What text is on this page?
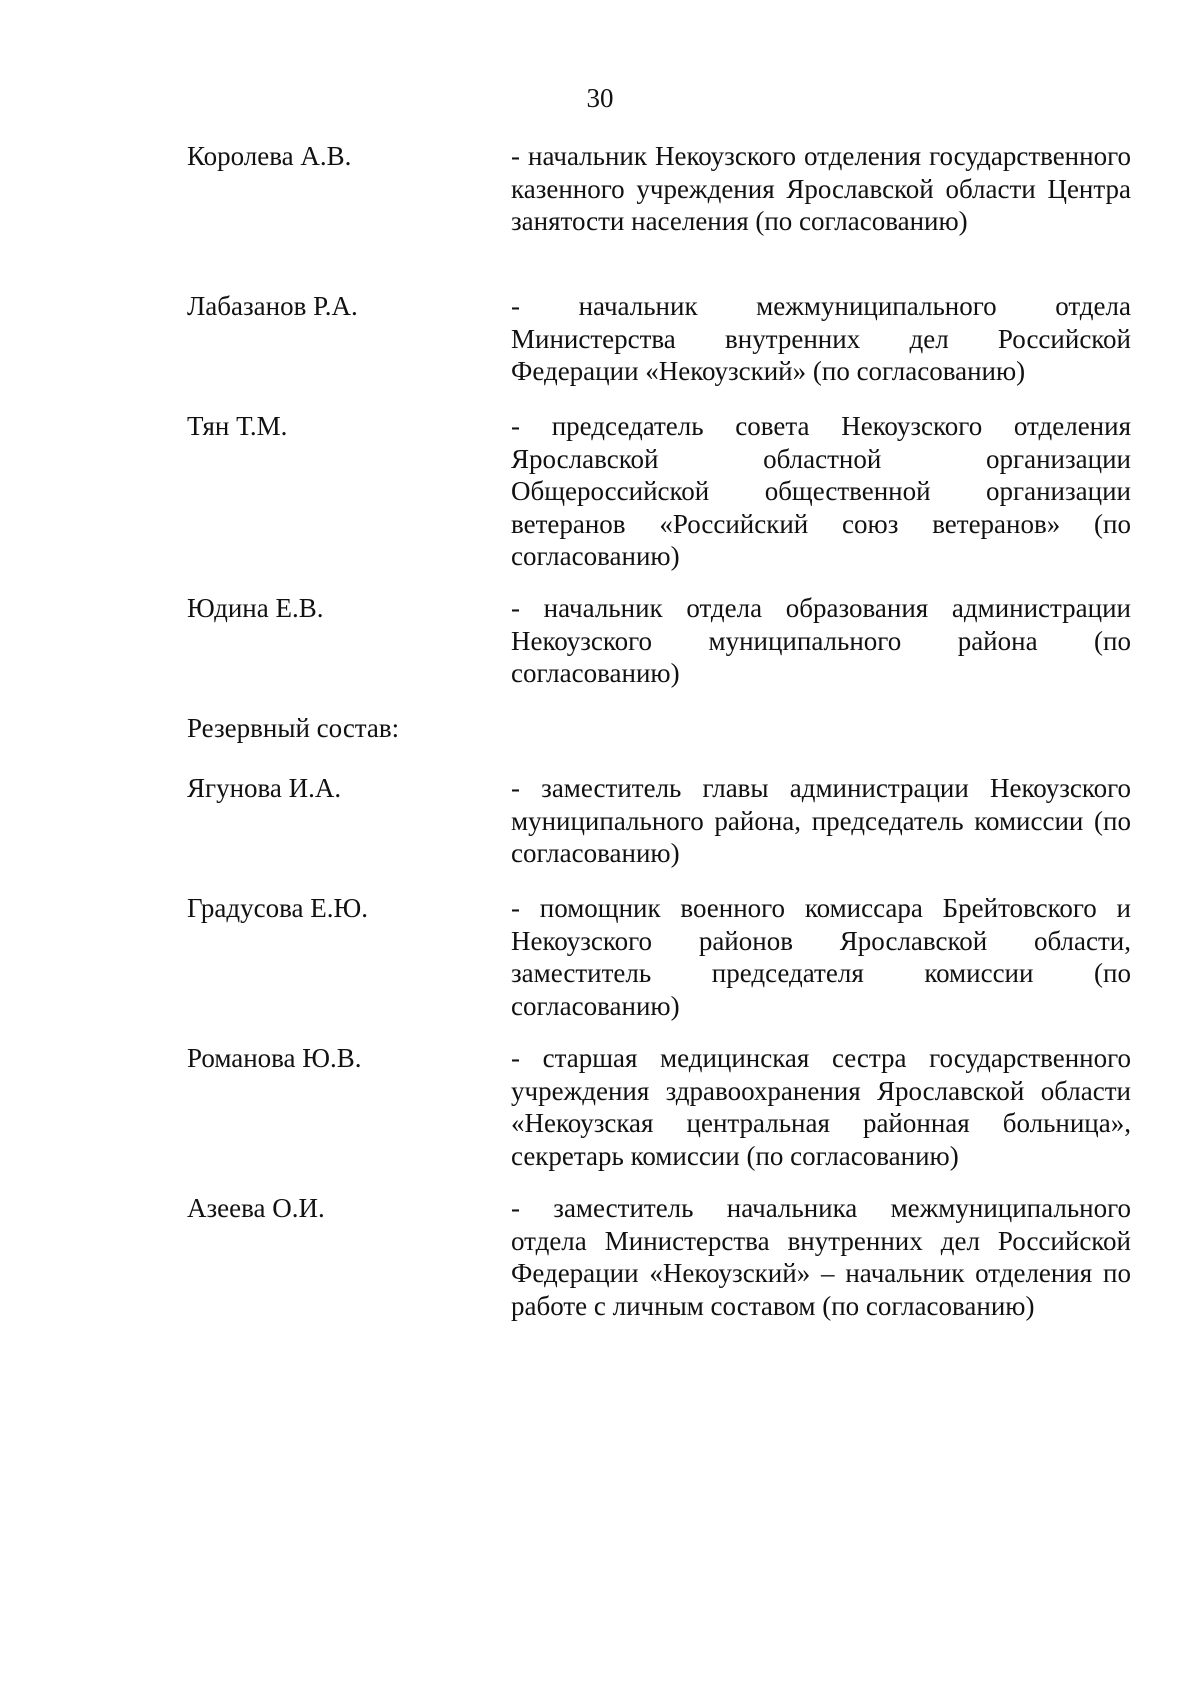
30
Королева А.В.	- начальник Некоузского отделения государственного казенного учреждения Ярославской области Центра занятости населения (по согласованию)
Лабазанов Р.А.	- начальник межмуниципального отдела Министерства внутренних дел Российской Федерации «Некоузский» (по согласованию)
Тян Т.М.	- председатель совета Некоузского отделения Ярославской областной организации Общероссийской общественной организации ветеранов «Российский союз ветеранов» (по согласованию)
Юдина Е.В.	- начальник отдела образования администрации Некоузского муниципального района (по согласованию)
Резервный состав:
Ягунова И.А.	- заместитель главы администрации Некоузского муниципального района, председатель комиссии (по согласованию)
Градусова Е.Ю.	- помощник военного комиссара Брейтовского и Некоузского районов Ярославской области, заместитель председателя комиссии (по согласованию)
Романова Ю.В.	- старшая медицинская сестра государственного учреждения здравоохранения Ярославской области «Некоузская центральная районная больница», секретарь комиссии (по согласованию)
Азеева О.И.	- заместитель начальника межмуниципального отдела Министерства внутренних дел Российской Федерации «Некоузский» – начальник отделения по работе с личным составом (по согласованию)
